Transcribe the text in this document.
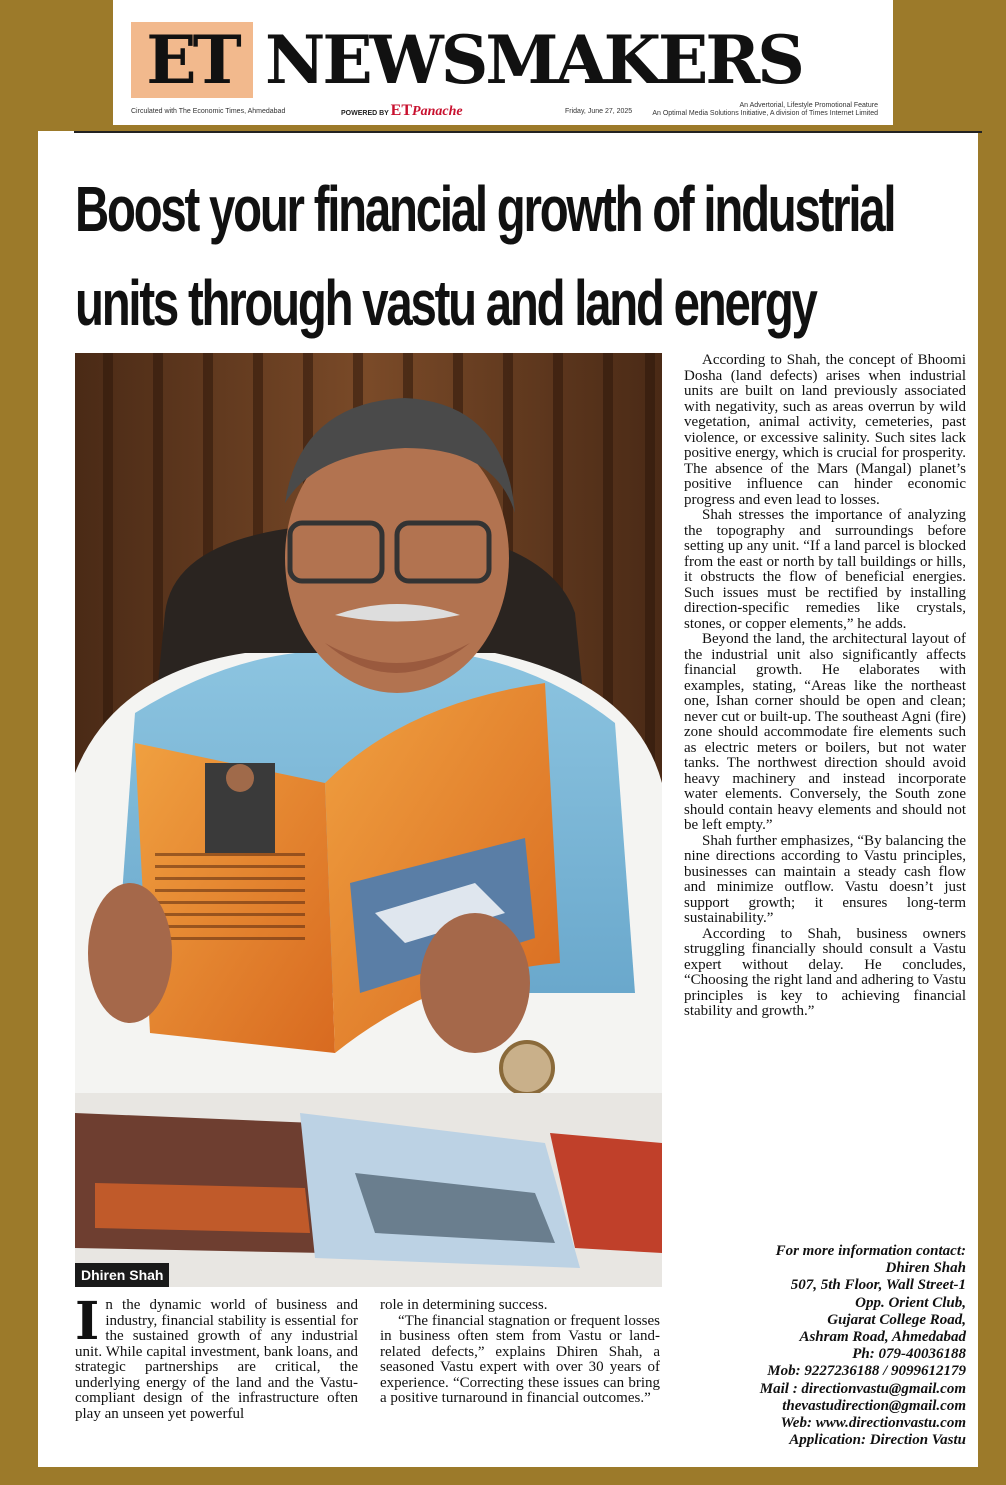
ET NEWSMAKERS
Circulated with The Economic Times, Ahmedabad	POWERED BY ETPanache	Friday, June 27, 2025
An Advertorial, Lifestyle Promotional Feature
An Optimal Media Solutions Initiative, A division of Times Internet Limited
Boost your financial growth of industrial
units through vastu and land energy
Dhiren Shah

According to Shah, the concept of Bhoomi Dosha (land defects) arises when industrial units are built on land previously associated with negativity, such as areas overrun by wild vegetation, animal activity, cemeteries, past violence, or excessive salinity. Such sites lack positive energy, which is crucial for prosperity. The absence of the Mars (Mangal) planet’s positive influence can hinder economic progress and even lead to losses.

Shah stresses the importance of analyzing the topography and surroundings before setting up any unit. “If a land parcel is blocked from the east or north by tall buildings or hills, it obstructs the flow of beneficial energies. Such issues must be rectified by installing direction-specific remedies like crystals, stones, or copper elements,” he adds.

Beyond the land, the architectural layout of the industrial unit also significantly affects financial growth. He elaborates with examples, stating, “Areas like the northeast one, Ishan corner should be open and clean; never cut or built-up. The southeast Agni (fire) zone should accommodate fire elements such as electric meters or boilers, but not water tanks. The northwest direction should avoid heavy machinery and instead incorporate water elements. Conversely, the South zone should contain heavy elements and should not be left empty.”

Shah further emphasizes, “By balancing the nine directions according to Vastu principles, businesses can maintain a steady cash flow and minimize outflow. Vastu doesn’t just support growth; it ensures long-term sustainability.”

According to Shah, business owners struggling financially should consult a Vastu expert without delay. He concludes, “Choosing the right land and adhering to Vastu principles is key to achieving financial stability and growth.”

For more information contact:
Dhiren Shah
507, 5th Floor, Wall Street-1
Opp. Orient Club,
Gujarat College Road,
Ashram Road, Ahmedabad
Ph: 079-40036188
Mob: 9227236188 / 9099612179
Mail : directionvastu@gmail.com
thevastudirection@gmail.com
Web: www.directionvastu.com
Application: Direction Vastu
I n the dynamic world of business and industry, financial stability is essential for the sustained growth of any industrial unit. While capital investment, bank loans, and strategic partnerships are critical, the underlying energy of the land and the Vastu-compliant design of the infrastructure often play an unseen yet powerful

role in determining success.

“The financial stagnation or frequent losses in business often stem from Vastu or land-related defects,” explains Dhiren Shah, a seasoned Vastu expert with over 30 years of experience. “Correcting these issues can bring a positive turnaround in financial outcomes.”
